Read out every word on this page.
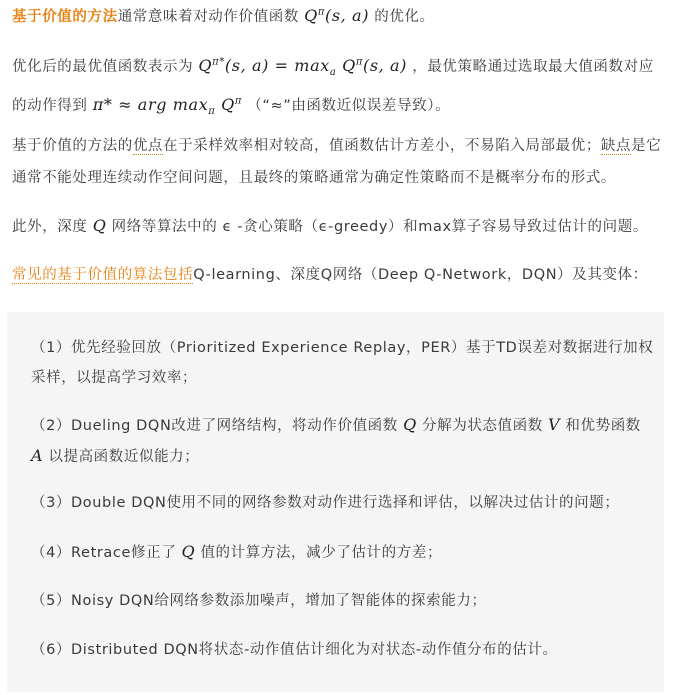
基于价值的方法通常意味着对动作价值函数 $Q^\pi(s$, a) 的优化。

优化后的最优值函数表示为 $Q^{\pi*}(s$, $a) = \max_a Q^\pi(s$, a) ，最优策略通过选取最大值函数对应的动作得到 π* ≈ arg $\max_\pi Q^\pi$ （“≈”由函数近似误差导致）。

基于价值的方法的优点在于采样效率相对较高，值函数估计方差小，不易陷入局部最优；缺点是它通常不能处理连续动作空间问题，且最终的策略通常为确定性策略而不是概率分布的形式。

此外，深度 Q 网络等算法中的 ϵ -贪心策略（ϵ-greedy）和max算子容易导致过估计的问题。

常见的基于价值的算法包括Q-learning、深度Q网络（Deep Q-Network，DQN）及其变体：

（1）优先经验回放（Prioritized Experience Replay，PER）基于TD误差对数据进行加权采样，以提高学习效率；

（2）Dueling DQN改进了网络结构，将动作价值函数 Q 分解为状态值函数 V 和优势函数 A 以提高函数近似能力；

（3）Double DQN使用不同的网络参数对动作进行选择和评估，以解决过估计的问题；

（4）Retrace修正了 Q 值的计算方法，减少了估计的方差；

（5）Noisy DQN给网络参数添加噪声，增加了智能体的探索能力；

（6）Distributed DQN将状态-动作值估计细化为对状态-动作值分布的估计。
